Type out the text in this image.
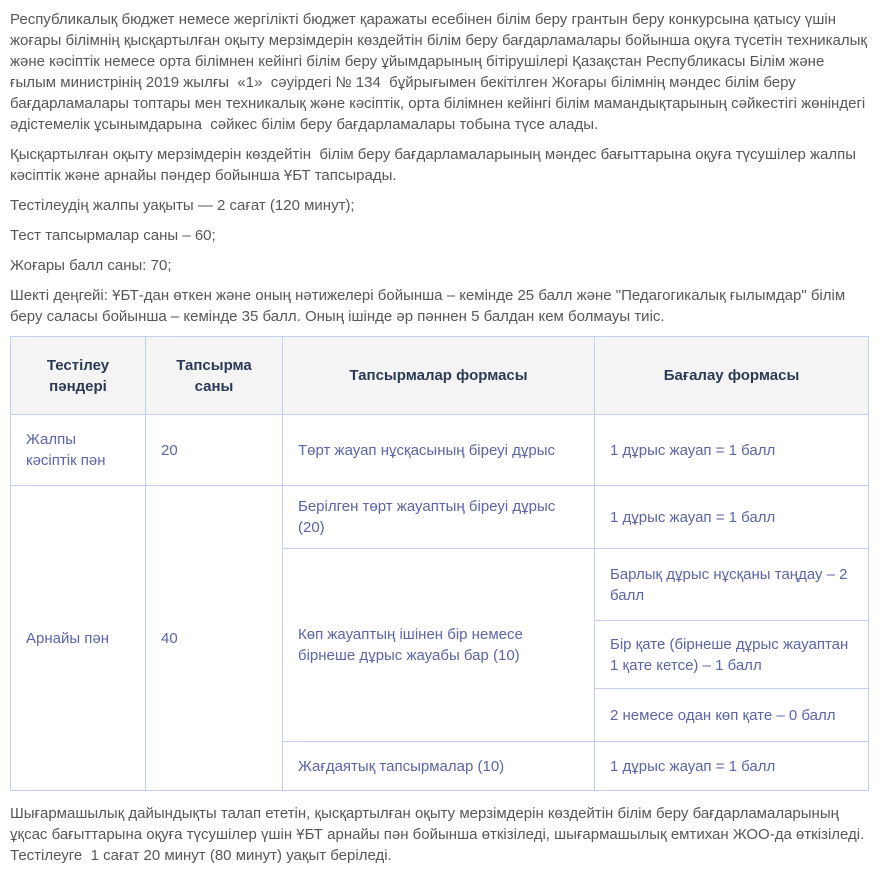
Республикалық бюджет немесе жергілікті бюджет қаражаты есебінен білім беру грантын беру конкурсына қатысу үшін жоғары білімнің қысқартылған оқыту мерзімдерін көздейтін білім беру бағдарламалары бойынша оқуға түсетін техникалық және кәсіптік немесе орта білімнен кейінгі білім беру ұйымдарының бітірушілері Қазақстан Республикасы Білім және ғылым министрінің 2019 жылғы  «1»  сәуірдегі № 134  бұйрығымен бекітілген Жоғары білімнің мәндес білім беру бағдарламалары топтары мен техникалық және кәсіптік, орта білімнен кейінгі білім мамандықтарының сәйкестігі жөніндегі әдістемелік ұсынымдарына  сәйкес білім беру бағдарламалары тобына түсе алады.

Қысқартылған оқыту мерзімдерін көздейтін  білім беру бағдарламаларының мәндес бағыттарына оқуға түсушілер жалпы кәсіптік және арнайы пәндер бойынша ҰБТ тапсырады.

Тестілеудің жалпы уақыты — 2 сағат (120 минут);

Тест тапсырмалар саны – 60;

Жоғары балл саны: 70;

Шекті деңгейі: ҰБТ-дан өткен және оның нәтижелері бойынша – кемінде 25 балл және "Педагогикалық ғылымдар" білім беру саласы бойынша – кемінде 35 балл. Оның ішінде әр пәннен 5 балдан кем болмауы тиіс.

Тестілеу пәндері	Тапсырма саны	Тапсырмалар формасы	Бағалау формасы
Жалпы кәсіптік пән	20	Төрт жауап нұсқасының біреуі дұрыс	1 дұрыс жауап = 1 балл
Арнайы пән	40	Берілген төрт жауаптың біреуі дұрыс (20)	1 дұрыс жауап = 1 балл
		Көп жауаптың ішінен бір немесе бірнеше дұрыс жауабы бар (10)	Барлық дұрыс нұсқаны таңдау – 2 балл
			Бір қате (бірнеше дұрыс жауаптан 1 қате кетсе) – 1 балл
			2 немесе одан көп қате – 0 балл
		Жағдаятық тапсырмалар (10)	1 дұрыс жауап = 1 балл

Шығармашылық дайындықты талап ететін, қысқартылған оқыту мерзімдерін көздейтін білім беру бағдарламаларының ұқсас бағыттарына оқуға түсушілер үшін ҰБТ арнайы пән бойынша өткізіледі, шығармашылық емтихан ЖОО-да өткізіледі. Тестілеуге  1 сағат 20 минут (80 минут) уақыт беріледі.
